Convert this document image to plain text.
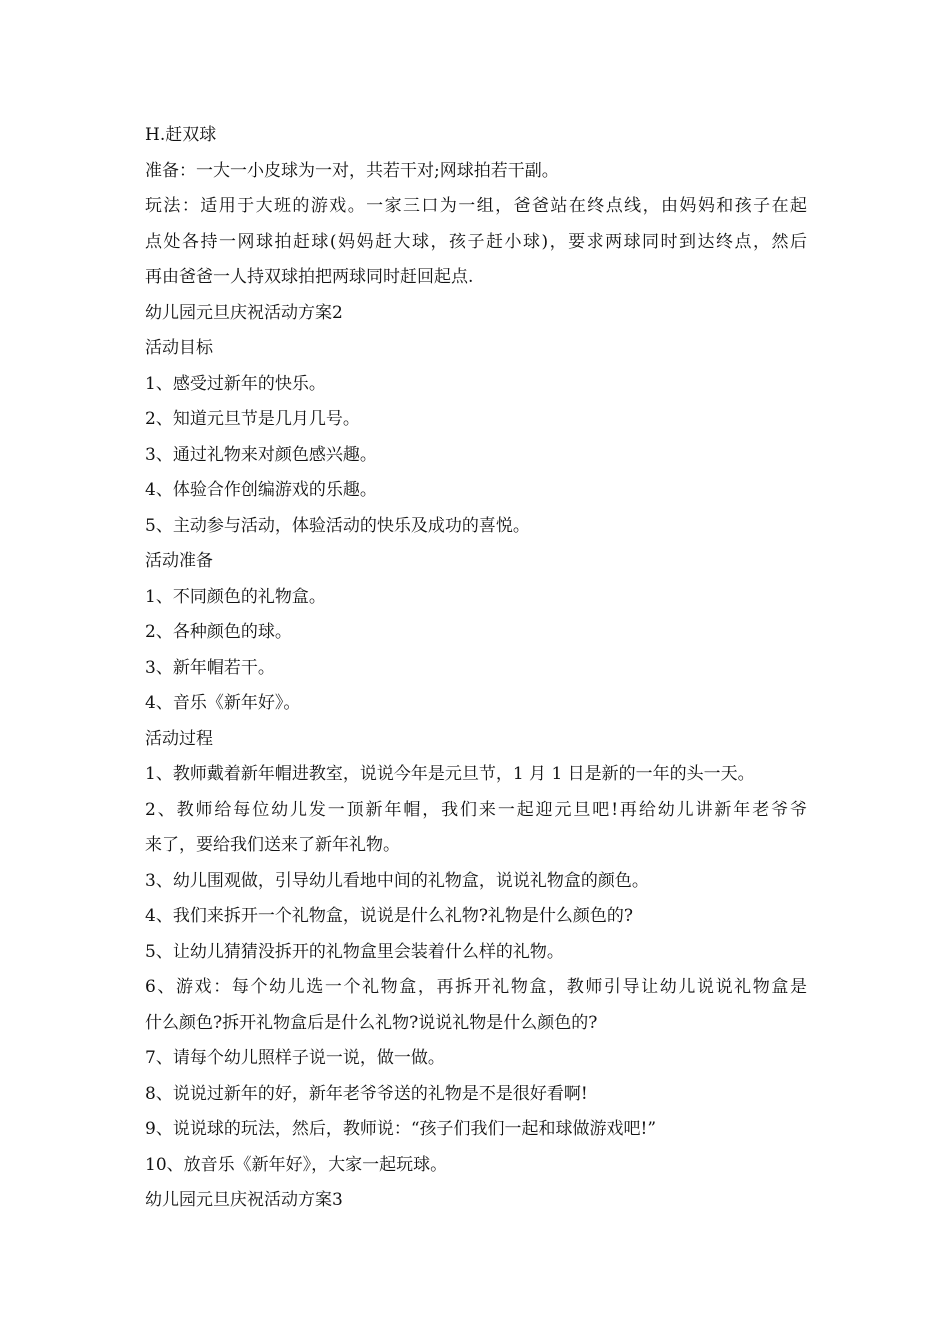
H.赶双球
准备：一大一小皮球为一对，共若干对;网球拍若干副。
玩法：适用于大班的游戏。一家三口为一组，爸爸站在终点线，由妈妈和孩子在起
点处各持一网球拍赶球(妈妈赶大球，孩子赶小球)，要求两球同时到达终点，然后
再由爸爸一人持双球拍把两球同时赶回起点.
幼儿园元旦庆祝活动方案2
活动目标
1、感受过新年的快乐。
2、知道元旦节是几月几号。
3、通过礼物来对颜色感兴趣。
4、体验合作创编游戏的乐趣。
5、主动参与活动，体验活动的快乐及成功的喜悦。
活动准备
1、不同颜色的礼物盒。
2、各种颜色的球。
3、新年帽若干。
4、音乐《新年好》。
活动过程
1、教师戴着新年帽进教室，说说今年是元旦节，1 月 1 日是新的一年的头一天。
2、教师给每位幼儿发一顶新年帽，我们来一起迎元旦吧!再给幼儿讲新年老爷爷
来了，要给我们送来了新年礼物。
3、幼儿围观做，引导幼儿看地中间的礼物盒，说说礼物盒的颜色。
4、我们来拆开一个礼物盒，说说是什么礼物?礼物是什么颜色的?
5、让幼儿猜猜没拆开的礼物盒里会装着什么样的礼物。
6、游戏：每个幼儿选一个礼物盒，再拆开礼物盒，教师引导让幼儿说说礼物盒是
什么颜色?拆开礼物盒后是什么礼物?说说礼物是什么颜色的?
7、请每个幼儿照样子说一说，做一做。
8、说说过新年的好，新年老爷爷送的礼物是不是很好看啊!
9、说说球的玩法，然后，教师说：“孩子们我们一起和球做游戏吧!”
10、放音乐《新年好》，大家一起玩球。
幼儿园元旦庆祝活动方案3
